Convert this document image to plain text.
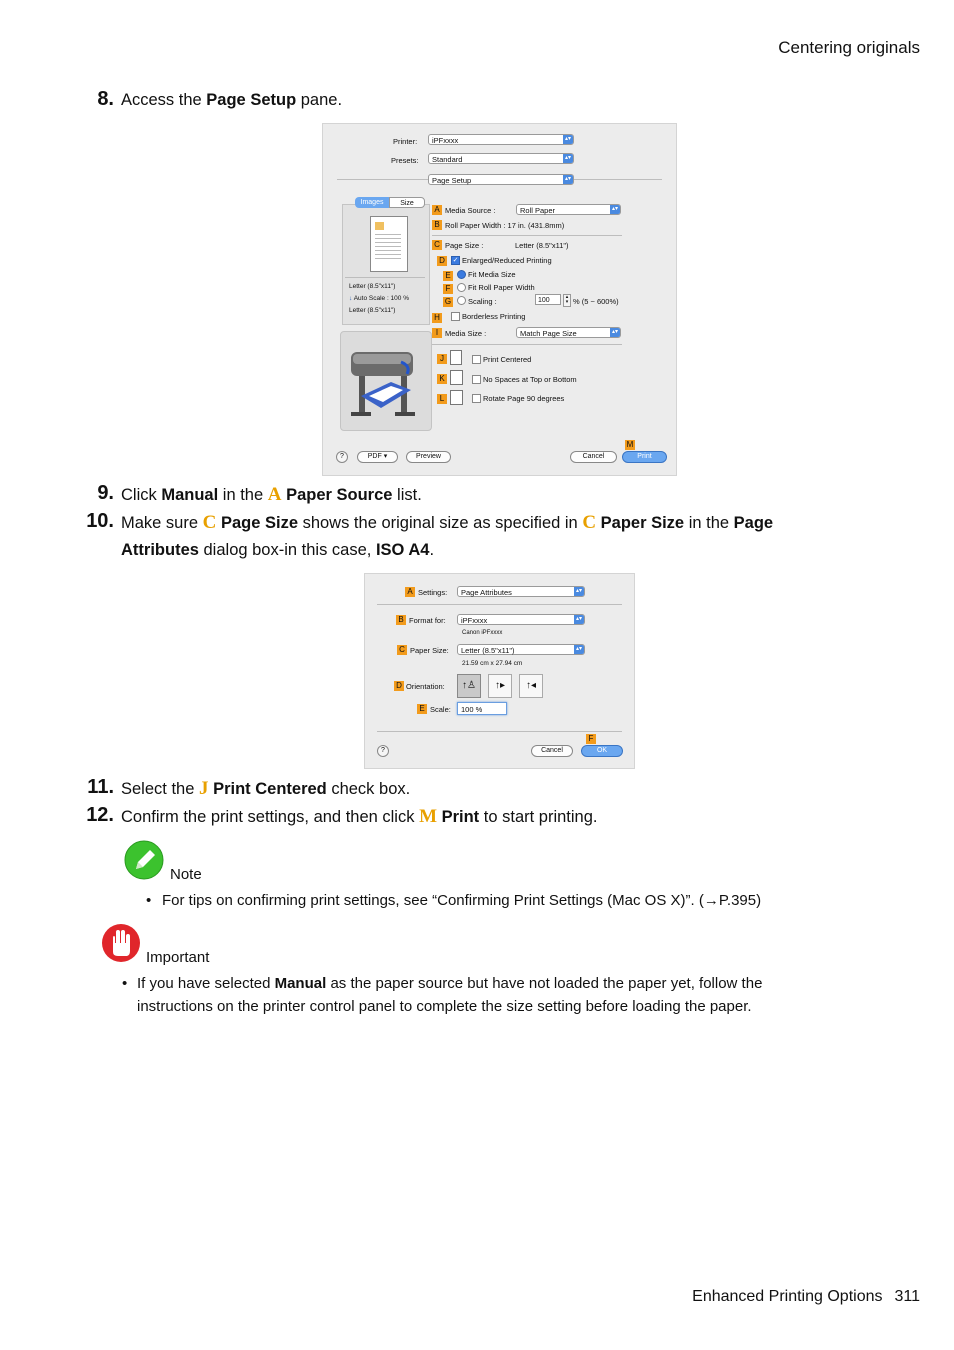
Centering originals
8. Access the Page Setup pane.
Printer:	iPFxxxx	▴▾
Presets:	Standard	▴▾
Page Setup	▴▾
Images	Size
Letter (8.5"x11")
↓ Auto Scale : 100 %
Letter (8.5"x11")
A Media Source :	Roll Paper	▴▾
B Roll Paper Width : 17 in. (431.8mm)
C Page Size :	Letter (8.5"x11")
D	✓ Enlarged/Reduced Printing
E	Fit Media Size
F	Fit Roll Paper Width
G Scaling :	100	▴
▾ % (5 ~ 600%)
H	Borderless Printing
I Media Size :	Match Page Size	▴▾
J	Print Centered
K	No Spaces at Top or Bottom
L	Rotate Page 90 degrees
?	PDF ▾	Preview
M
Cancel	Print
9. Click Manual in the A Paper Source list.
10. Make sure C Page Size shows the original size as specified in C Paper Size in the Page Attributes dialog box-in this case, ISO A4.
A Settings:	Page Attributes	▴▾
B Format for:	iPFxxxx	▴▾
Canon iPFxxxx
C Paper Size:	Letter (8.5"x11")	▴▾
21.59 cm x 27.94 cm
D Orientation:	↑♙	↑▸	↑◂
E Scale:	100 %
?
F
Cancel	OK
11. Select the J Print Centered check box.
12. Confirm the print settings, and then click M Print to start printing.
Note
• For tips on confirming print settings, see “Confirming Print Settings (Mac OS X)”. (→P.395)
Important
• If you have selected Manual as the paper source but have not loaded the paper yet, follow the instructions on the printer control panel to complete the size setting before loading the paper.
Enhanced Printing Options 311
